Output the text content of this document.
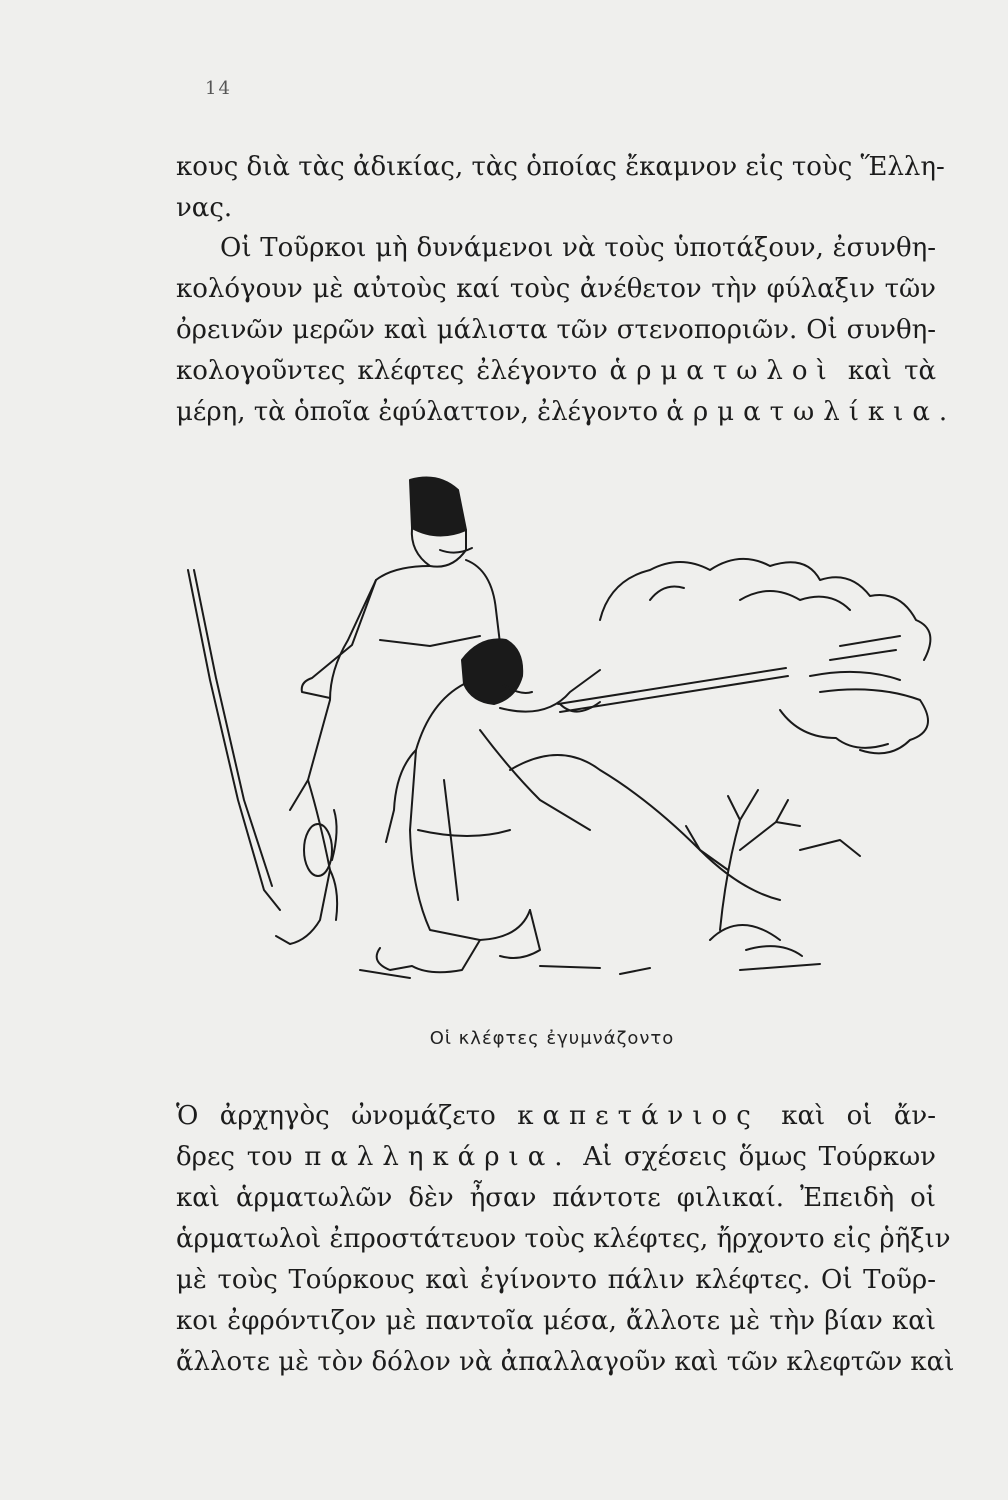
14
κους διὰ τὰς ἀδικίας, τὰς ὁποίας ἔκαμνον εἰς τοὺς Ἕλλη-
νας.
Οἱ Τοῦρκοι μὴ δυνάμενοι νὰ τοὺς ὑποτάξουν, ἐσυνθη-
κολόγουν μὲ αὐτοὺς καί τοὺς ἀνέθετον τὴν φύλαξιν τῶν
ὀρεινῶν μερῶν καὶ μάλιστα τῶν στενοποριῶν. Οἱ συνθη-
κολογοῦντες κλέφτες ἐλέγοντο ἁρματωλοὶ καὶ τὰ
μέρη, τὰ ὁποῖα ἐφύλαττον, ἐλέγοντο ἁρματωλίκια.
Οἱ κλέφτες ἐγυμνάζοντο
Ὁ ἀρχηγὸς ὠνομάζετο καπετάνιος καὶ οἱ ἄν-
δρες του παλληκάρια. Αἱ σχέσεις ὅμως Τούρκων
καὶ ἁρματωλῶν δὲν ἦσαν πάντοτε φιλικαί. Ἐπειδὴ οἱ
ἁρματωλοὶ ἐπροστάτευον τοὺς κλέφτες, ἤρχοντο εἰς ῥῆξιν
μὲ τοὺς Τούρκους καὶ ἐγίνοντο πάλιν κλέφτες. Οἱ Τοῦρ-
κοι ἐφρόντιζον μὲ παντοῖα μέσα, ἄλλοτε μὲ τὴν βίαν καὶ
ἄλλοτε μὲ τὸν δόλον νὰ ἀπαλλαγοῦν καὶ τῶν κλεφτῶν καὶ
